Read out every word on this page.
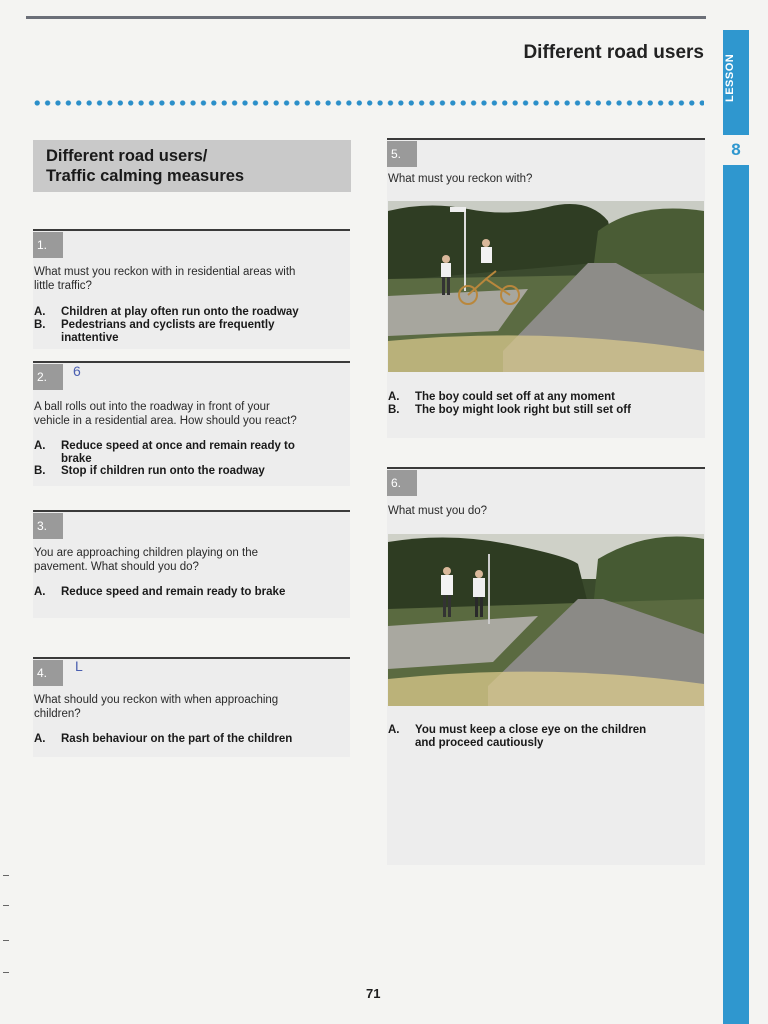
Different road users
LESSON
8
Different road users/
Traffic calming measures
1.
What must you reckon with in residential areas with
little traffic?
A. Children at play often run onto the roadway
B. Pedestrians and cyclists are frequently
inattentive
2.	6
A ball rolls out into the roadway in front of your
vehicle in a residential area. How should you react?
A. Reduce speed at once and remain ready to
brake
B. Stop if children run onto the roadway
3.
You are approaching children playing on the
pavement. What should you do?
A. Reduce speed and remain ready to brake
4.	L
What should you reckon with when approaching
children?
A. Rash behaviour on the part of the children
5.
What must you reckon with?
A. The boy could set off at any moment
B. The boy might look right but still set off
6.
What must you do?
A. You must keep a close eye on the children
and proceed cautiously
71
